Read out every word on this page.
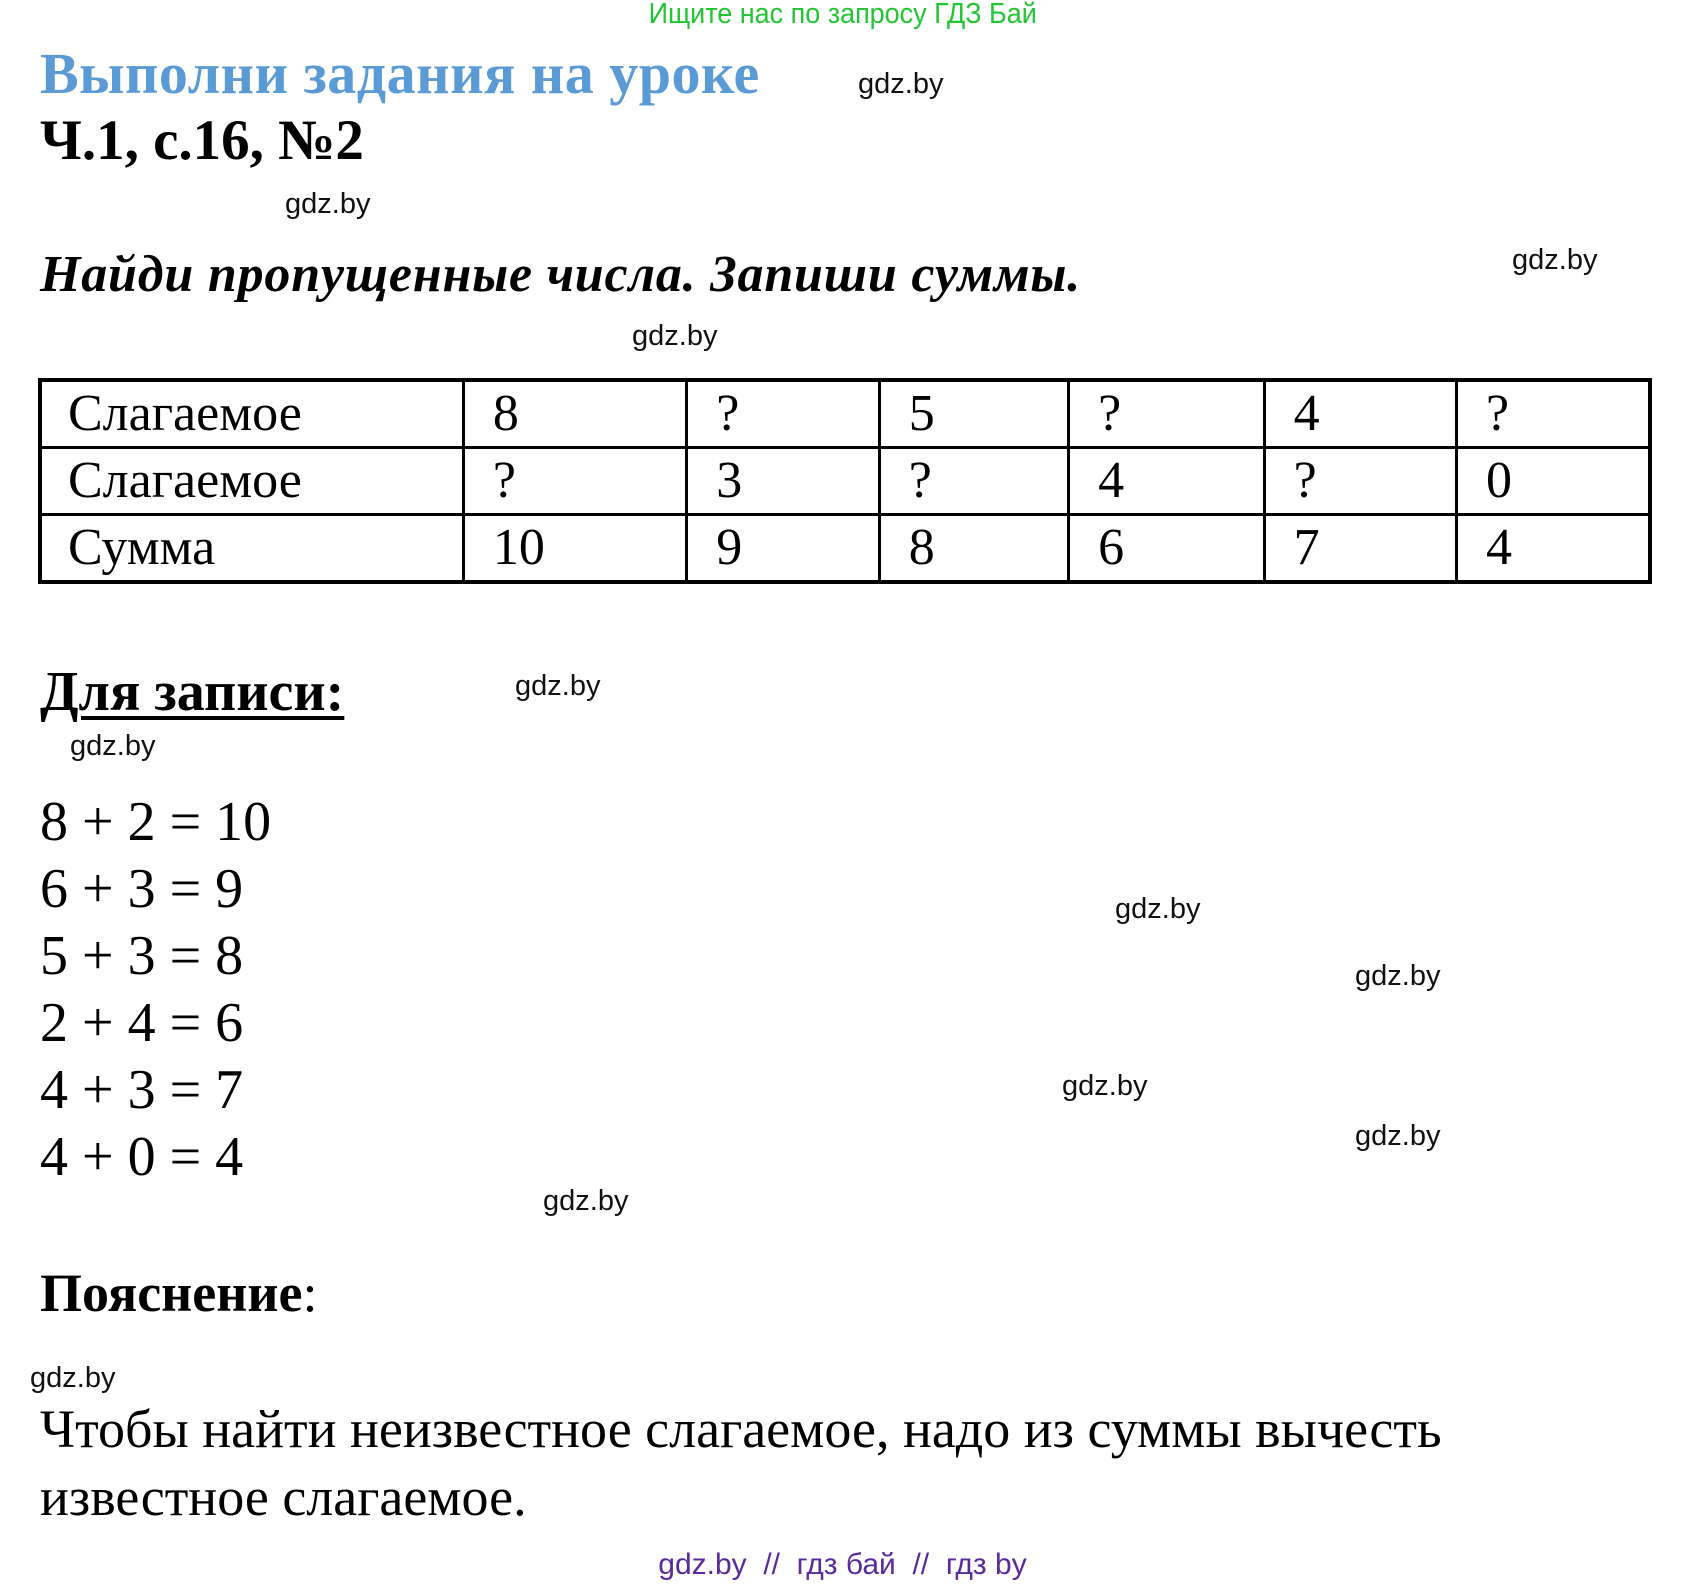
Ищите нас по запросу ГДЗ Бай
Выполни задания на уроке
Ч.1, с.16, №2
Найди пропущенные числа. Запиши суммы.
Слагаемое	8	?	5	?	4	?
Слагаемое	?	3	?	4	?	0
Сумма	10	9	8	6	7	4
Для записи:
8 + 2 = 10
6 + 3 = 9
5 + 3 = 8
2 + 4 = 6
4 + 3 = 7
4 + 0 = 4
Пояснение:
Чтобы найти неизвестное слагаемое, надо из суммы вычесть
известное слагаемое.
gdz.by
gdz.by
gdz.by
gdz.by
gdz.by
gdz.by
gdz.by
gdz.by
gdz.by
gdz.by
gdz.by
gdz.by
gdz.by  //  гдз бай  //  гдз by
